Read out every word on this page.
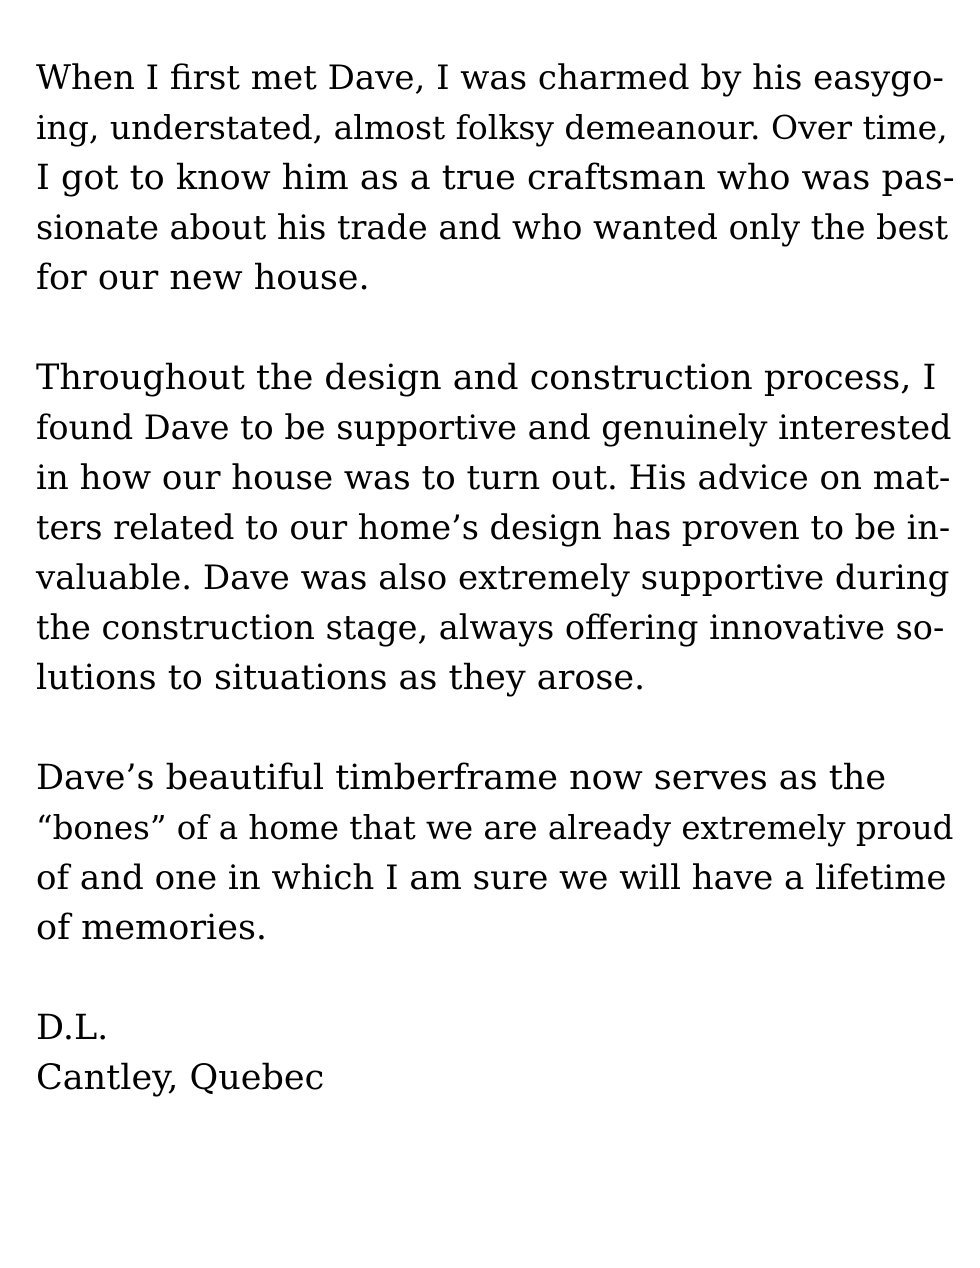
When I first met Dave, I was charmed by his easygo-
ing, understated, almost folksy demeanour. Over time,
I got to know him as a true craftsman who was pas-
sionate about his trade and who wanted only the best
for our new house.
Throughout the design and construction process, I
found Dave to be supportive and genuinely interested
in how our house was to turn out. His advice on mat-
ters related to our home’s design has proven to be in-
valuable. Dave was also extremely supportive during
the construction stage, always offering innovative so-
lutions to situations as they arose.
Dave’s beautiful timberframe now serves as the
“bones” of a home that we are already extremely proud
of and one in which I am sure we will have a lifetime
of memories.
D.L.
Cantley, Quebec
